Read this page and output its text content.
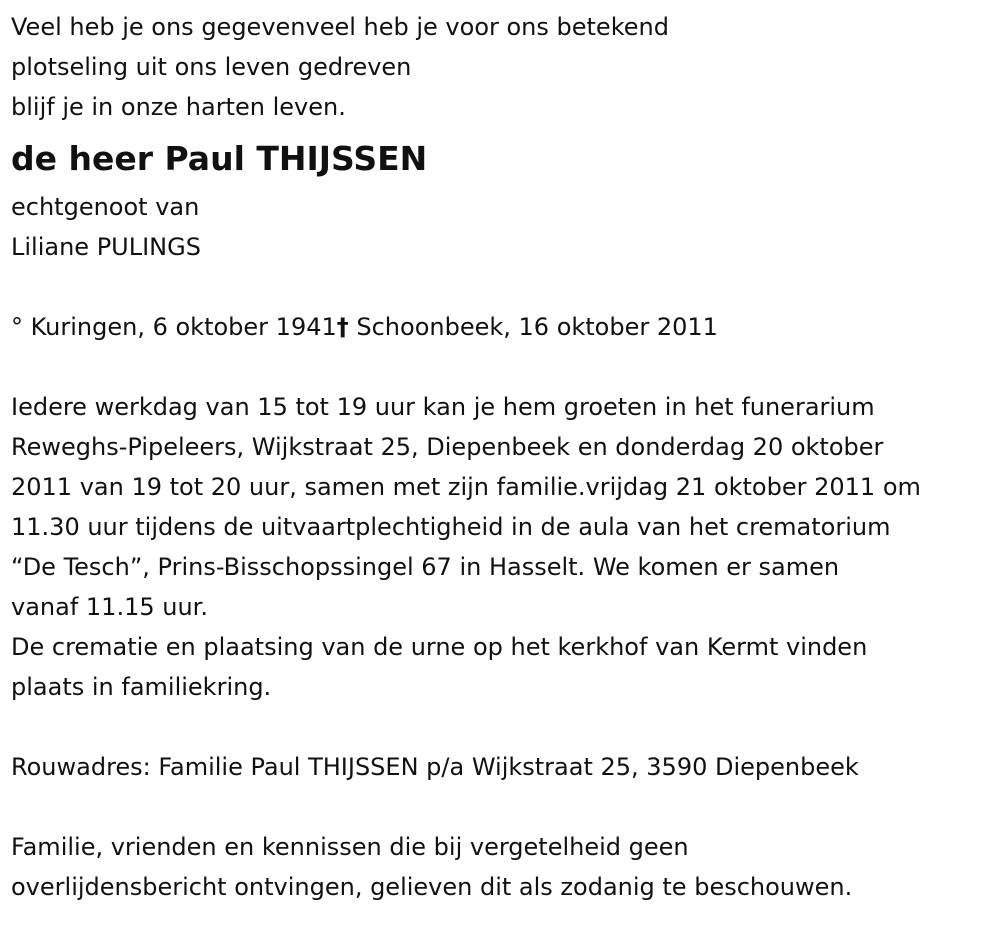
Veel heb je ons gegevenveel heb je voor ons betekend
plotseling uit ons leven gedreven
blijf je in onze harten leven.
de heer Paul THIJSSEN
echtgenoot van
Liliane PULINGS
° Kuringen, 6 oktober 1941† Schoonbeek, 16 oktober 2011
Iedere werkdag van 15 tot 19 uur kan je hem groeten in het funerarium
Reweghs-Pipeleers, Wijkstraat 25, Diepenbeek en donderdag 20 oktober
2011 van 19 tot 20 uur, samen met zijn familie.vrijdag 21 oktober 2011 om
11.30 uur tijdens de uitvaartplechtigheid in de aula van het crematorium
“De Tesch”, Prins-Bisschopssingel 67 in Hasselt. We komen er samen
vanaf 11.15 uur.
De crematie en plaatsing van de urne op het kerkhof van Kermt vinden
plaats in familiekring.
Rouwadres: Familie Paul THIJSSEN p/a Wijkstraat 25, 3590 Diepenbeek
Familie, vrienden en kennissen die bij vergetelheid geen
overlijdensbericht ontvingen, gelieven dit als zodanig te beschouwen.
